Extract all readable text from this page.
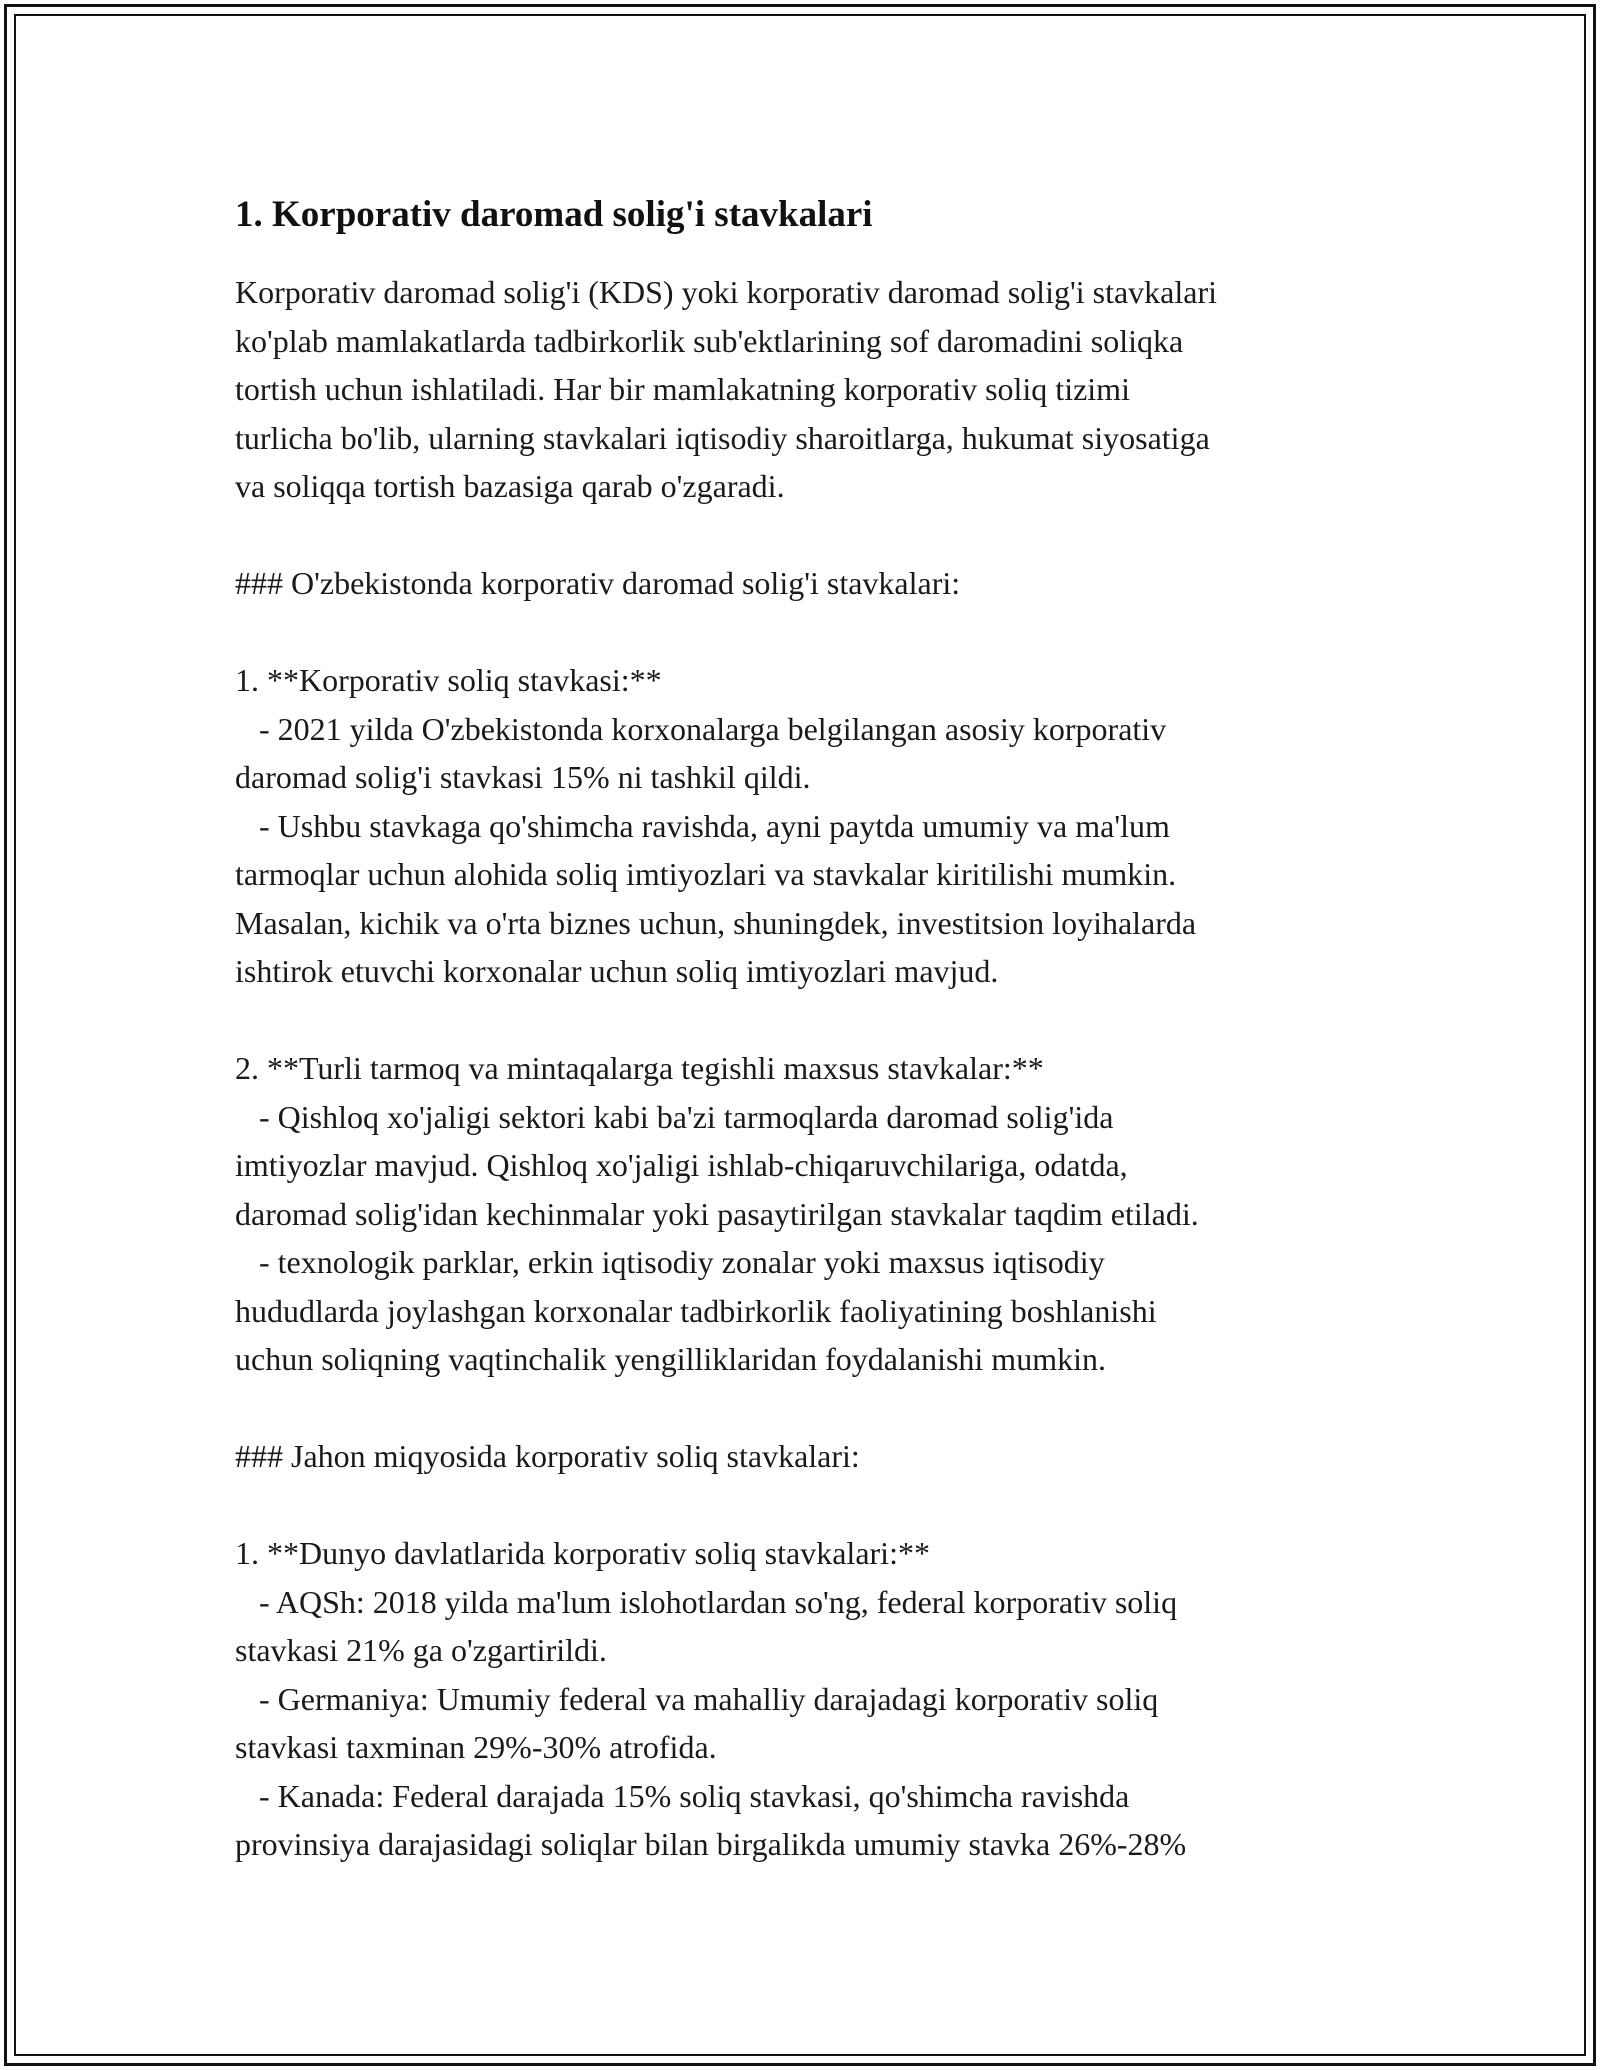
1. Korporativ daromad solig'i stavkalari

Korporativ daromad solig'i (KDS) yoki korporativ daromad solig'i stavkalari
ko'plab mamlakatlarda tadbirkorlik sub'ektlarining sof daromadini soliqka
tortish uchun ishlatiladi. Har bir mamlakatning korporativ soliq tizimi
turlicha bo'lib, ularning stavkalari iqtisodiy sharoitlarga, hukumat siyosatiga
va soliqqa tortish bazasiga qarab o'zgaradi.

### O'zbekistonda korporativ daromad solig'i stavkalari:

1. **Korporativ soliq stavkasi:**

- 2021 yilda O'zbekistonda korxonalarga belgilangan asosiy korporativ
daromad solig'i stavkasi 15% ni tashkil qildi.

- Ushbu stavkaga qo'shimcha ravishda, ayni paytda umumiy va ma'lum
tarmoqlar uchun alohida soliq imtiyozlari va stavkalar kiritilishi mumkin.
Masalan, kichik va o'rta biznes uchun, shuningdek, investitsion loyihalarda
ishtirok etuvchi korxonalar uchun soliq imtiyozlari mavjud.

2. **Turli tarmoq va mintaqalarga tegishli maxsus stavkalar:**

- Qishloq xo'jaligi sektori kabi ba'zi tarmoqlarda daromad solig'ida
imtiyozlar mavjud. Qishloq xo'jaligi ishlab-chiqaruvchilariga, odatda,
daromad solig'idan kechinmalar yoki pasaytirilgan stavkalar taqdim etiladi.

- texnologik parklar, erkin iqtisodiy zonalar yoki maxsus iqtisodiy
hududlarda joylashgan korxonalar tadbirkorlik faoliyatining boshlanishi
uchun soliqning vaqtinchalik yengilliklaridan foydalanishi mumkin.

### Jahon miqyosida korporativ soliq stavkalari:

1. **Dunyo davlatlarida korporativ soliq stavkalari:**

- AQSh: 2018 yilda ma'lum islohotlardan so'ng, federal korporativ soliq
stavkasi 21% ga o'zgartirildi.

- Germaniya: Umumiy federal va mahalliy darajadagi korporativ soliq
stavkasi taxminan 29%-30% atrofida.

- Kanada: Federal darajada 15% soliq stavkasi, qo'shimcha ravishda
provinsiya darajasidagi soliqlar bilan birgalikda umumiy stavka 26%-28%
